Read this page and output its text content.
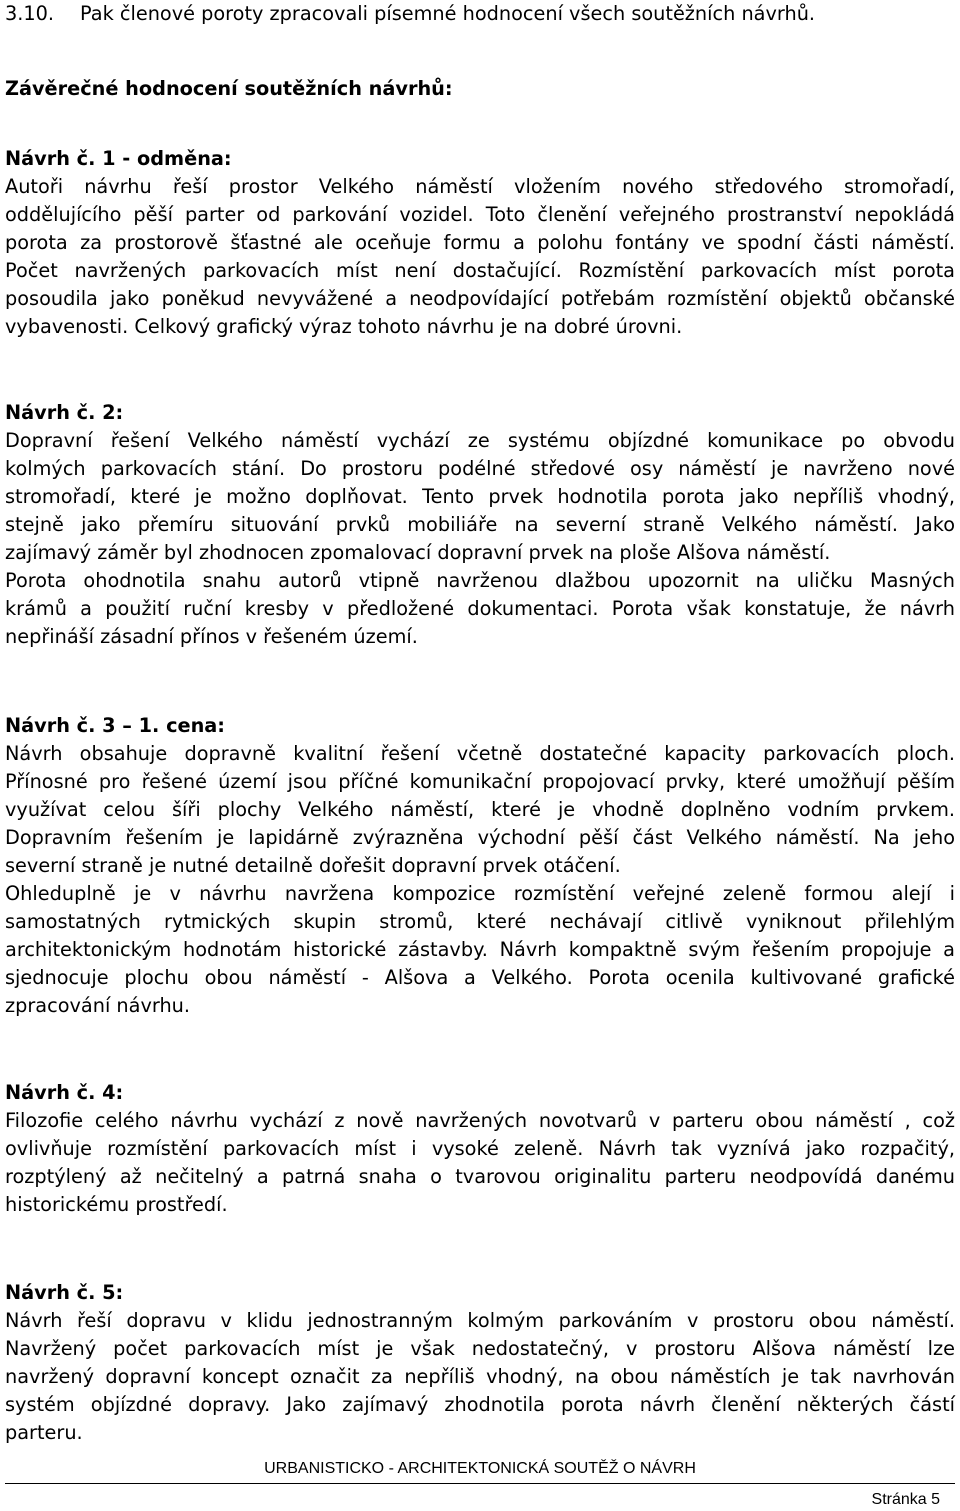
3.10. Pak členové poroty zpracovali písemné hodnocení všech soutěžních návrhů.
Závěrečné hodnocení soutěžních návrhů:
Návrh č. 1 - odměna:
Autoři návrhu řeší prostor Velkého náměstí vložením nového středového stromořadí,
oddělujícího pěší parter od parkování vozidel. Toto členění veřejného prostranství nepokládá
porota za prostorově šťastné ale oceňuje formu a polohu fontány ve spodní části náměstí.
Počet navržených parkovacích míst není dostačující. Rozmístění parkovacích míst porota
posoudila jako poněkud nevyvážené a neodpovídající potřebám rozmístění objektů občanské
vybavenosti. Celkový grafický výraz tohoto návrhu je na dobré úrovni.
Návrh č. 2:
Dopravní řešení Velkého náměstí vychází ze systému objízdné komunikace po obvodu
kolmých parkovacích stání. Do prostoru podélné středové osy náměstí je navrženo nové
stromořadí, které je možno doplňovat. Tento prvek hodnotila porota jako nepříliš vhodný,
stejně jako přemíru situování prvků mobiliáře na severní straně Velkého náměstí. Jako
zajímavý záměr byl zhodnocen zpomalovací dopravní prvek na ploše Alšova náměstí.
Porota ohodnotila snahu autorů vtipně navrženou dlažbou upozornit na uličku Masných
krámů a použití ruční kresby v předložené dokumentaci. Porota však konstatuje, že návrh
nepřináší zásadní přínos v řešeném území.
Návrh č. 3 – 1. cena:
Návrh obsahuje dopravně kvalitní řešení včetně dostatečné kapacity parkovacích ploch.
Přínosné pro řešené území jsou příčné komunikační propojovací prvky, které umožňují pěším
využívat celou šíři plochy Velkého náměstí, které je vhodně doplněno vodním prvkem.
Dopravním řešením je lapidárně zvýrazněna východní pěší část Velkého náměstí. Na jeho
severní straně je nutné detailně dořešit dopravní prvek otáčení.
Ohleduplně je v návrhu navržena kompozice rozmístění veřejné zeleně formou alejí i
samostatných rytmických skupin stromů, které nechávají citlivě vyniknout přilehlým
architektonickým hodnotám historické zástavby. Návrh kompaktně svým řešením propojuje a
sjednocuje plochu obou náměstí - Alšova a Velkého. Porota ocenila kultivované grafické
zpracování návrhu.
Návrh č. 4:
Filozofie celého návrhu vychází z nově navržených novotvarů v parteru obou náměstí , což
ovlivňuje rozmístění parkovacích míst i vysoké zeleně. Návrh tak vyznívá jako rozpačitý,
rozptýlený až nečitelný a patrná snaha o tvarovou originalitu parteru neodpovídá danému
historickému prostředí.
Návrh č. 5:
Návrh řeší dopravu v klidu jednostranným kolmým parkováním v prostoru obou náměstí.
Navržený počet parkovacích míst je však nedostatečný, v prostoru Alšova náměstí lze
navržený dopravní koncept označit za nepříliš vhodný, na obou náměstích je tak navrhován
systém objízdné dopravy. Jako zajímavý zhodnotila porota návrh členění některých částí
parteru.
URBANISTICKO - ARCHITEKTONICKÁ SOUTĚŽ O NÁVRH
Stránka 5
